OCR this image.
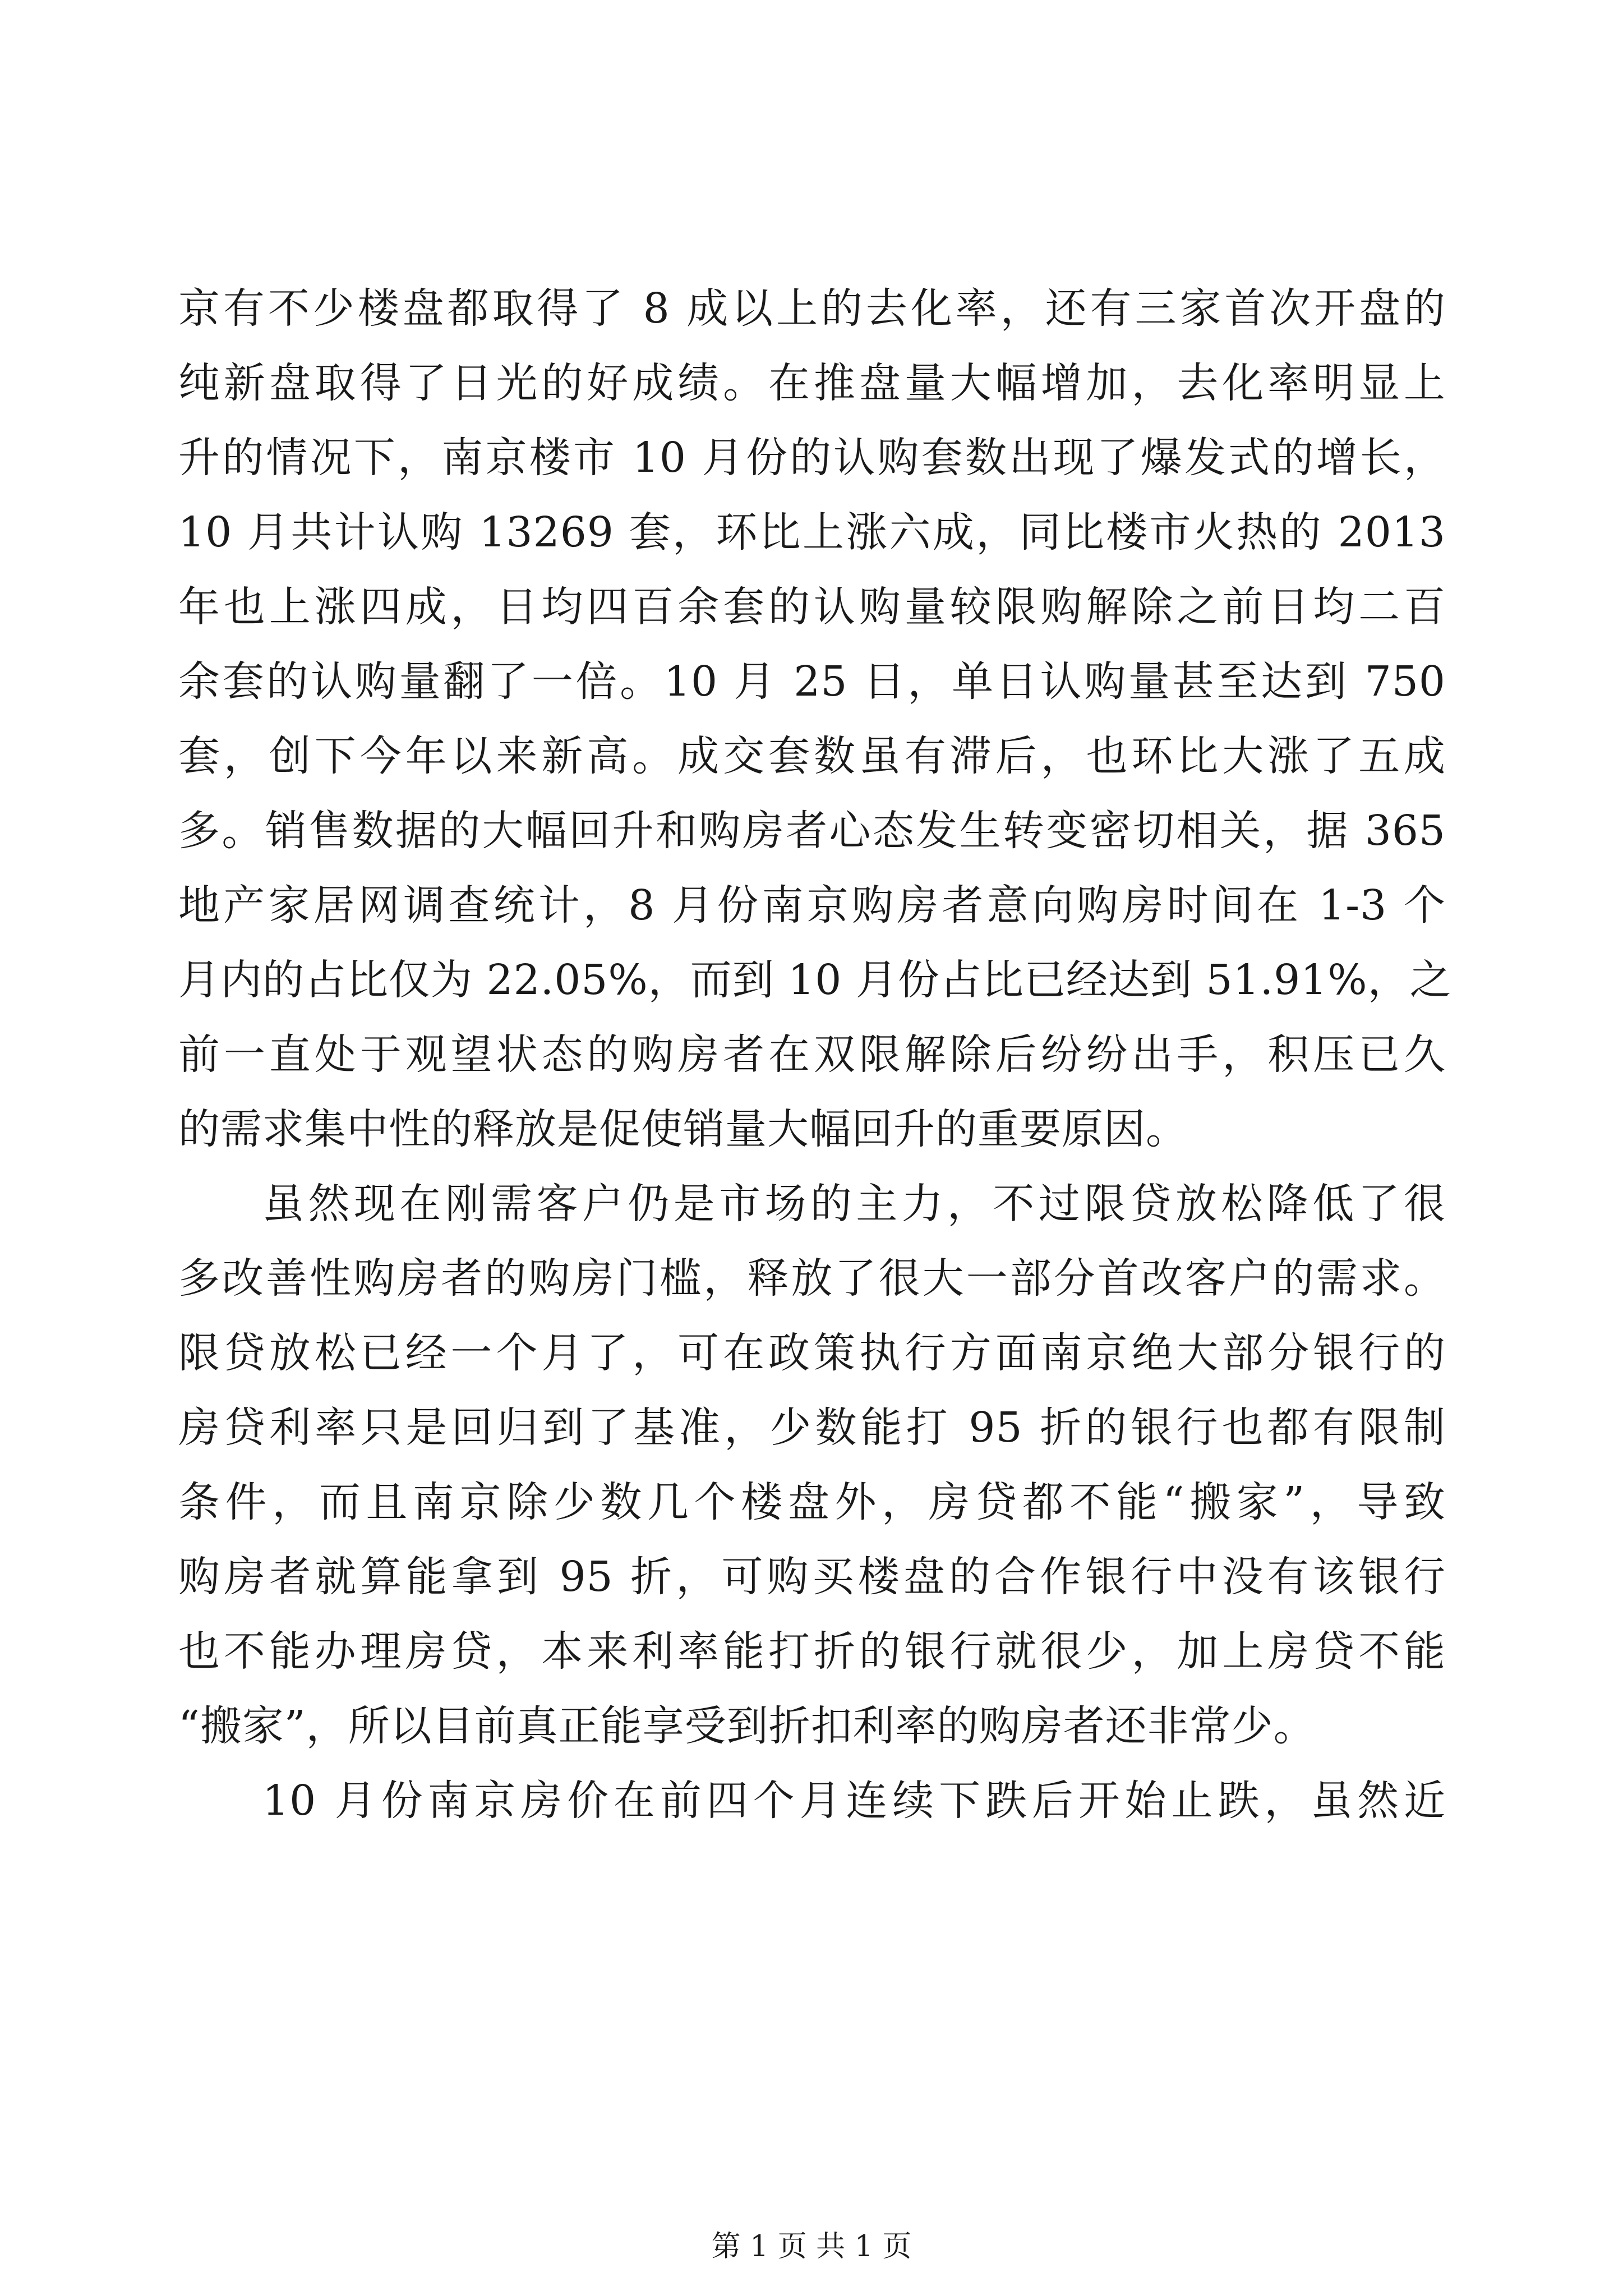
京有不少楼盘都取得了 8 成以上的去化率，还有三家首次开盘的
纯新盘取得了日光的好成绩。在推盘量大幅增加，去化率明显上
升的情况下，南京楼市 10 月份的认购套数出现了爆发式的增长，
10 月共计认购 13269 套，环比上涨六成，同比楼市火热的 2013
年也上涨四成，日均四百余套的认购量较限购解除之前日均二百
余套的认购量翻了一倍。10 月 25 日，单日认购量甚至达到 750
套，创下今年以来新高。成交套数虽有滞后，也环比大涨了五成
多。销售数据的大幅回升和购房者心态发生转变密切相关，据 365
地产家居网调查统计，8 月份南京购房者意向购房时间在 1-3 个
月内的占比仅为 22.05%，而到 10 月份占比已经达到 51.91%，之
前一直处于观望状态的购房者在双限解除后纷纷出手，积压已久
的需求集中性的释放是促使销量大幅回升的重要原因。
虽然现在刚需客户仍是市场的主力，不过限贷放松降低了很
多改善性购房者的购房门槛，释放了很大一部分首改客户的需求。
限贷放松已经一个月了，可在政策执行方面南京绝大部分银行的
房贷利率只是回归到了基准，少数能打 95 折的银行也都有限制
条件，而且南京除少数几个楼盘外，房贷都不能“搬家”，导致
购房者就算能拿到 95 折，可购买楼盘的合作银行中没有该银行
也不能办理房贷，本来利率能打折的银行就很少，加上房贷不能
“搬家”，所以目前真正能享受到折扣利率的购房者还非常少。
10 月份南京房价在前四个月连续下跌后开始止跌，虽然近
第 1 页 共 1 页
